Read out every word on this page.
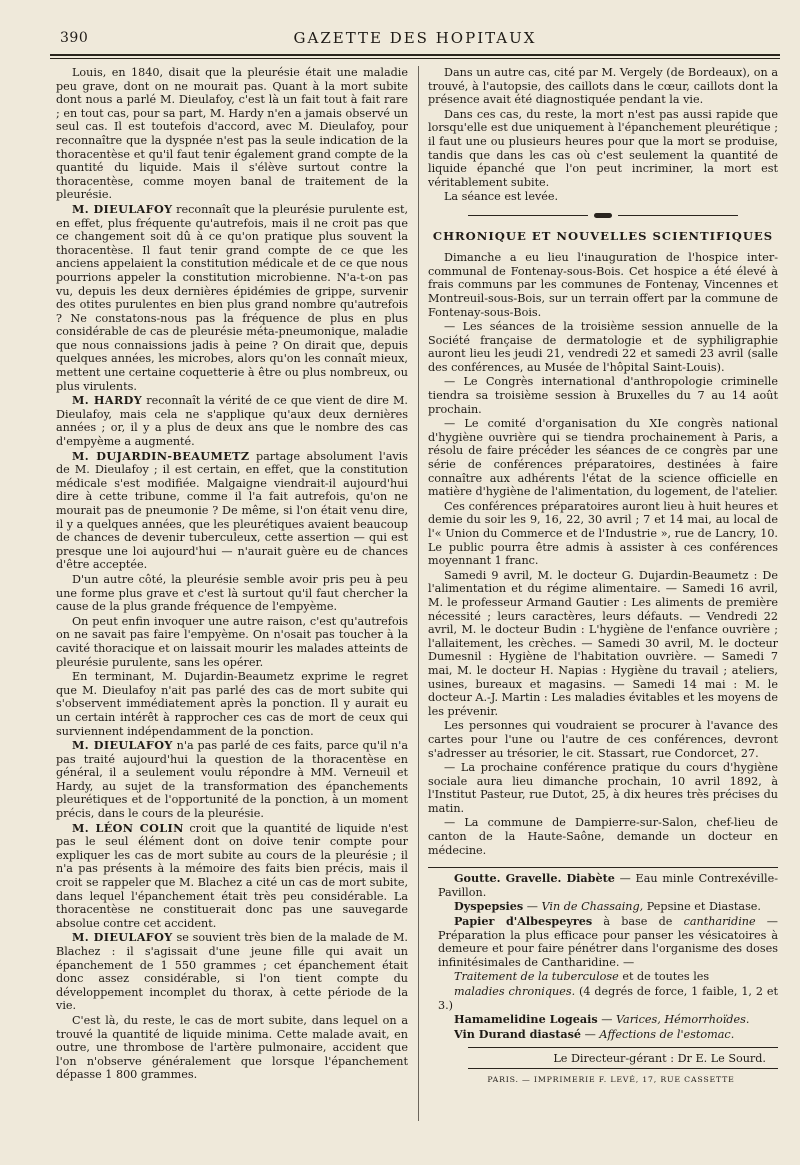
390	GAZETTE DES HOPITAUX

Louis, en 1840, disait que la pleurésie était une maladie peu grave, dont on ne mourait pas. Quant à la mort subite dont nous a parlé M. Dieulafoy, c'est là un fait tout à fait rare ; en tout cas, pour sa part, M. Hardy n'en a jamais observé un seul cas. Il est toutefois d'accord, avec M. Dieulafoy, pour reconnaître que la dyspnée n'est pas la seule indication de la thoracentèse et qu'il faut tenir également grand compte de la quantité du liquide. Mais il s'élève surtout contre la thoracentèse, comme moyen banal de traitement de la pleurésie.

M. DIEULAFOY reconnaît que la pleurésie purulente est, en effet, plus fréquente qu'autrefois, mais il ne croit pas que ce changement soit dû à ce qu'on pratique plus souvent la thoracentèse. Il faut tenir grand compte de ce que les anciens appelaient la constitution médicale et de ce que nous pourrions appeler la constitution microbienne. N'a-t-on pas vu, depuis les deux dernières épidémies de grippe, survenir des otites purulentes en bien plus grand nombre qu'autrefois ? Ne constatons-nous pas la fréquence de plus en plus considérable de cas de pleurésie méta-pneumonique, maladie que nous connaissions jadis à peine ? On dirait que, depuis quelques années, les microbes, alors qu'on les connaît mieux, mettent une certaine coquetterie à être ou plus nombreux, ou plus virulents.

M. HARDY reconnaît la vérité de ce que vient de dire M. Dieulafoy, mais cela ne s'applique qu'aux deux dernières années ; or, il y a plus de deux ans que le nombre des cas d'empyème a augmenté.

M. DUJARDIN-BEAUMETZ partage absolument l'avis de M. Dieulafoy ; il est certain, en effet, que la constitution médicale s'est modifiée. Malgaigne viendrait-il aujourd'hui dire à cette tribune, comme il l'a fait autrefois, qu'on ne mourait pas de pneumonie ? De même, si l'on était venu dire, il y a quelques années, que les pleurétiques avaient beaucoup de chances de devenir tuberculeux, cette assertion — qui est presque une loi aujourd'hui — n'aurait guère eu de chances d'être acceptée.

D'un autre côté, la pleurésie semble avoir pris peu à peu une forme plus grave et c'est là surtout qu'il faut chercher la cause de la plus grande fréquence de l'empyème.

On peut enfin invoquer une autre raison, c'est qu'autrefois on ne savait pas faire l'empyème. On n'osait pas toucher à la cavité thoracique et on laissait mourir les malades atteints de pleurésie purulente, sans les opérer.

En terminant, M. Dujardin-Beaumetz exprime le regret que M. Dieulafoy n'ait pas parlé des cas de mort subite qui s'observent immédiatement après la ponction. Il y aurait eu un certain intérêt à rapprocher ces cas de mort de ceux qui surviennent indépendamment de la ponction.

M. DIEULAFOY n'a pas parlé de ces faits, parce qu'il n'a pas traité aujourd'hui la question de la thoracentèse en général, il a seulement voulu répondre à MM. Verneuil et Hardy, au sujet de la transformation des épanchements pleurétiques et de l'opportunité de la ponction, à un moment précis, dans le cours de la pleurésie.

M. LÉON COLIN croit que la quantité de liquide n'est pas le seul élément dont on doive tenir compte pour expliquer les cas de mort subite au cours de la pleurésie ; il n'a pas présents à la mémoire des faits bien précis, mais il croit se rappeler que M. Blachez a cité un cas de mort subite, dans lequel l'épanchement était très peu considérable. La thoracentèse ne constituerait donc pas une sauvegarde absolue contre cet accident.

M. DIEULAFOY se souvient très bien de la malade de M. Blachez : il s'agissait d'une jeune fille qui avait un épanchement de 1 550 grammes ; cet épanchement était donc assez considérable, si l'on tient compte du développement incomplet du thorax, à cette période de la vie.

C'est là, du reste, le cas de mort subite, dans lequel on a trouvé la quantité de liquide minima. Cette malade avait, en outre, une thrombose de l'artère pulmonaire, accident que l'on n'observe généralement que lorsque l'épanchement dépasse 1 800 grammes.

Dans un autre cas, cité par M. Vergely (de Bordeaux), on a trouvé, à l'autopsie, des caillots dans le cœur, caillots dont la présence avait été diagnostiquée pendant la vie.

Dans ces cas, du reste, la mort n'est pas aussi rapide que lorsqu'elle est due uniquement à l'épanchement pleurétique ; il faut une ou plusieurs heures pour que la mort se produise, tandis que dans les cas où c'est seulement la quantité de liquide épanché que l'on peut incriminer, la mort est véritablement subite.

La séance est levée.

CHRONIQUE ET NOUVELLES SCIENTIFIQUES

Dimanche a eu lieu l'inauguration de l'hospice inter-communal de Fontenay-sous-Bois. Cet hospice a été élevé à frais communs par les communes de Fontenay, Vincennes et Montreuil-sous-Bois, sur un terrain offert par la commune de Fontenay-sous-Bois.

— Les séances de la troisième session annuelle de la Société française de dermatologie et de syphiligraphie auront lieu les jeudi 21, vendredi 22 et samedi 23 avril (salle des conférences, au Musée de l'hôpital Saint-Louis).

— Le Congrès international d'anthropologie criminelle tiendra sa troisième session à Bruxelles du 7 au 14 août prochain.

— Le comité d'organisation du XIe congrès national d'hygiène ouvrière qui se tiendra prochainement à Paris, a résolu de faire précéder les séances de ce congrès par une série de conférences préparatoires, destinées à faire connaître aux adhérents l'état de la science officielle en matière d'hygiène de l'alimentation, du logement, de l'atelier.

Ces conférences préparatoires auront lieu à huit heures et demie du soir les 9, 16, 22, 30 avril ; 7 et 14 mai, au local de l'« Union du Commerce et de l'Industrie », rue de Lancry, 10. Le public pourra être admis à assister à ces conférences moyennant 1 franc.

Samedi 9 avril, M. le docteur G. Dujardin-Beaumetz : De l'alimentation et du régime alimentaire. — Samedi 16 avril, M. le professeur Armand Gautier : Les aliments de première nécessité ; leurs caractères, leurs défauts. — Vendredi 22 avril, M. le docteur Budin : L'hygiène de l'enfance ouvrière ; l'allaitement, les crèches. — Samedi 30 avril, M. le docteur Dumesnil : Hygiène de l'habitation ouvrière. — Samedi 7 mai, M. le docteur H. Napias : Hygiène du travail ; ateliers, usines, bureaux et magasins. — Samedi 14 mai : M. le docteur A.-J. Martin : Les maladies évitables et les moyens de les prévenir.

Les personnes qui voudraient se procurer à l'avance des cartes pour l'une ou l'autre de ces conférences, devront s'adresser au trésorier, le cit. Stassart, rue Condorcet, 27.

— La prochaine conférence pratique du cours d'hygiène sociale aura lieu dimanche prochain, 10 avril 1892, à l'Institut Pasteur, rue Dutot, 25, à dix heures très précises du matin.

— La commune de Dampierre-sur-Salon, chef-lieu de canton de la Haute-Saône, demande un docteur en médecine.

Goutte. Gravelle. Diabète — Eau minle Contrexéville-Pavillon.

Dyspepsies — Vin de Chassaing, Pepsine et Diastase.

Papier d'Albespeyres à base de cantharidine — Préparation la plus efficace pour panser les vésicatoires à demeure et pour faire pénétrer dans l'organisme des doses infinitésimales de Cantharidine. —

Traitement de la tuberculose et de toutes les

maladies chroniques. (4 degrés de force, 1 faible, 1, 2 et 3.)

Hamamelidine Logeais — Varices, Hémorrhoïdes.

Vin Durand diastasé — Affections de l'estomac.

Le Directeur-gérant : Dr E. Le Sourd.

PARIS. — IMPRIMERIE F. LEVÉ, 17, RUE CASSETTE
